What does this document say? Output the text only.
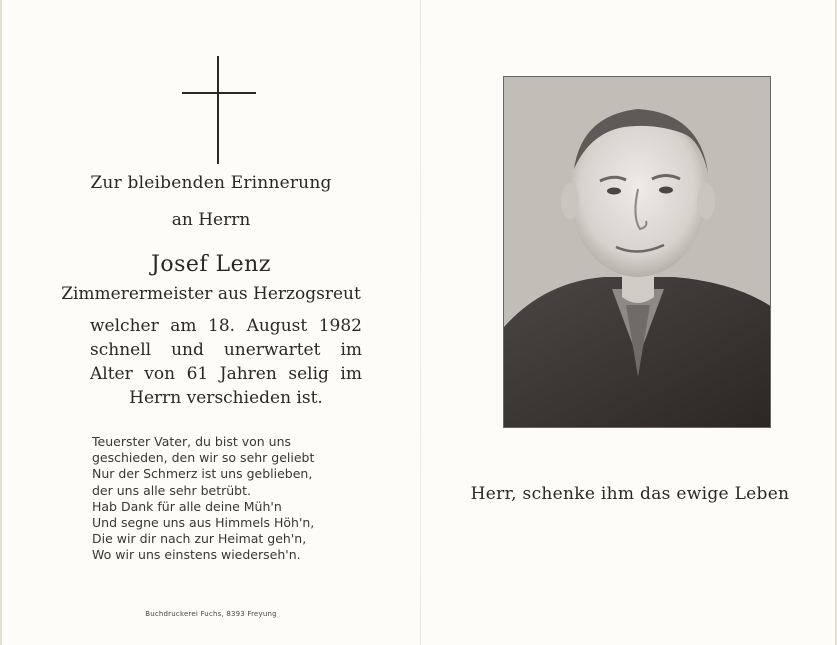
Zur bleibenden Erinnerung
an Herrn
Josef Lenz
Zimmerermeister aus Herzogsreut
welcher am 18. August 1982
schnell und unerwartet im
Alter von 61 Jahren selig im
Herrn verschieden ist.
Teuerster Vater, du bist von uns
geschieden, den wir so sehr geliebt
Nur der Schmerz ist uns geblieben,
der uns alle sehr betrübt.
Hab Dank für alle deine Müh'n
Und segne uns aus Himmels Höh'n,
Die wir dir nach zur Heimat geh'n,
Wo wir uns einstens wiederseh'n.
Buchdruckerei Fuchs, 8393 Freyung
Herr, schenke ihm das ewige Leben
